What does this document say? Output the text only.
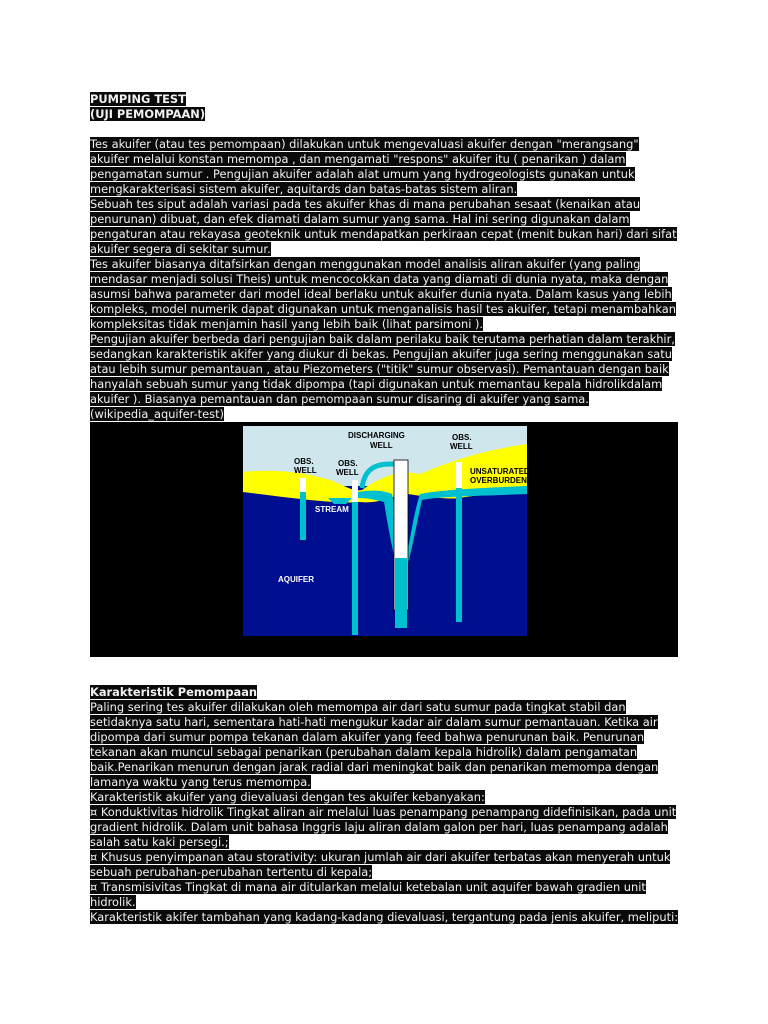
PUMPING TEST
(UJI PEMOMPAAN)

Tes akuifer (atau tes pemompaan) dilakukan untuk mengevaluasi akuifer dengan "merangsang" akuifer melalui konstan memompa , dan mengamati "respons" akuifer itu ( penarikan ) dalam pengamatan sumur . Pengujian akuifer adalah alat umum yang hydrogeologists gunakan untuk mengkarakterisasi sistem akuifer, aquitards dan batas-batas sistem aliran.

Sebuah tes siput adalah variasi pada tes akuifer khas di mana perubahan sesaat (kenaikan atau penurunan) dibuat, dan efek diamati dalam sumur yang sama. Hal ini sering digunakan dalam pengaturan atau rekayasa geoteknik untuk mendapatkan perkiraan cepat (menit bukan hari) dari sifat akuifer segera di sekitar sumur.

Tes akuifer biasanya ditafsirkan dengan menggunakan model analisis aliran akuifer (yang paling mendasar menjadi solusi Theis) untuk mencocokkan data yang diamati di dunia nyata, maka dengan asumsi bahwa parameter dari model ideal berlaku untuk akuifer dunia nyata. Dalam kasus yang lebih kompleks, model numerik dapat digunakan untuk menganalisis hasil tes akuifer, tetapi menambahkan kompleksitas tidak menjamin hasil yang lebih baik (lihat parsimoni ).

Pengujian akuifer berbeda dari pengujian baik dalam perilaku baik terutama perhatian dalam terakhir, sedangkan karakteristik akifer yang diukur di bekas. Pengujian akuifer juga sering menggunakan satu atau lebih sumur pemantauan , atau Piezometers ("titik" sumur observasi). Pemantauan dengan baik hanyalah sebuah sumur yang tidak dipompa (tapi digunakan untuk memantau kepala hidrolikdalam akuifer ). Biasanya pemantauan dan pemompaan sumur disaring di akuifer yang sama.

(wikipedia_aquifer-test)

DISCHARGING
WELL
OBS.
WELL
OBS.
WELL
OBS.
WELL
UNSATURATED
OVERBURDEN
STREAM
AQUIFER

Karakteristik Pemompaan

Paling sering tes akuifer dilakukan oleh memompa air dari satu sumur pada tingkat stabil dan setidaknya satu hari, sementara hati-hati mengukur kadar air dalam sumur pemantauan. Ketika air dipompa dari sumur pompa tekanan dalam akuifer yang feed bahwa penurunan baik. Penurunan tekanan akan muncul sebagai penarikan (perubahan dalam kepala hidrolik) dalam pengamatan baik.Penarikan menurun dengan jarak radial dari meningkat baik dan penarikan memompa dengan lamanya waktu yang terus memompa.

Karakteristik akuifer yang dievaluasi dengan tes akuifer kebanyakan:

¤ Konduktivitas hidrolik Tingkat aliran air melalui luas penampang penampang didefinisikan, pada unit gradient hidrolik. Dalam unit bahasa Inggris laju aliran dalam galon per hari, luas penampang adalah salah satu kaki persegi.;

¤ Khusus penyimpanan atau storativity: ukuran jumlah air dari akuifer terbatas akan menyerah untuk sebuah perubahan-perubahan tertentu di kepala;

¤ Transmisivitas Tingkat di mana air ditularkan melalui ketebalan unit aquifer bawah gradien unit hidrolik.

Karakteristik akifer tambahan yang kadang-kadang dievaluasi, tergantung pada jenis akuifer, meliputi:
